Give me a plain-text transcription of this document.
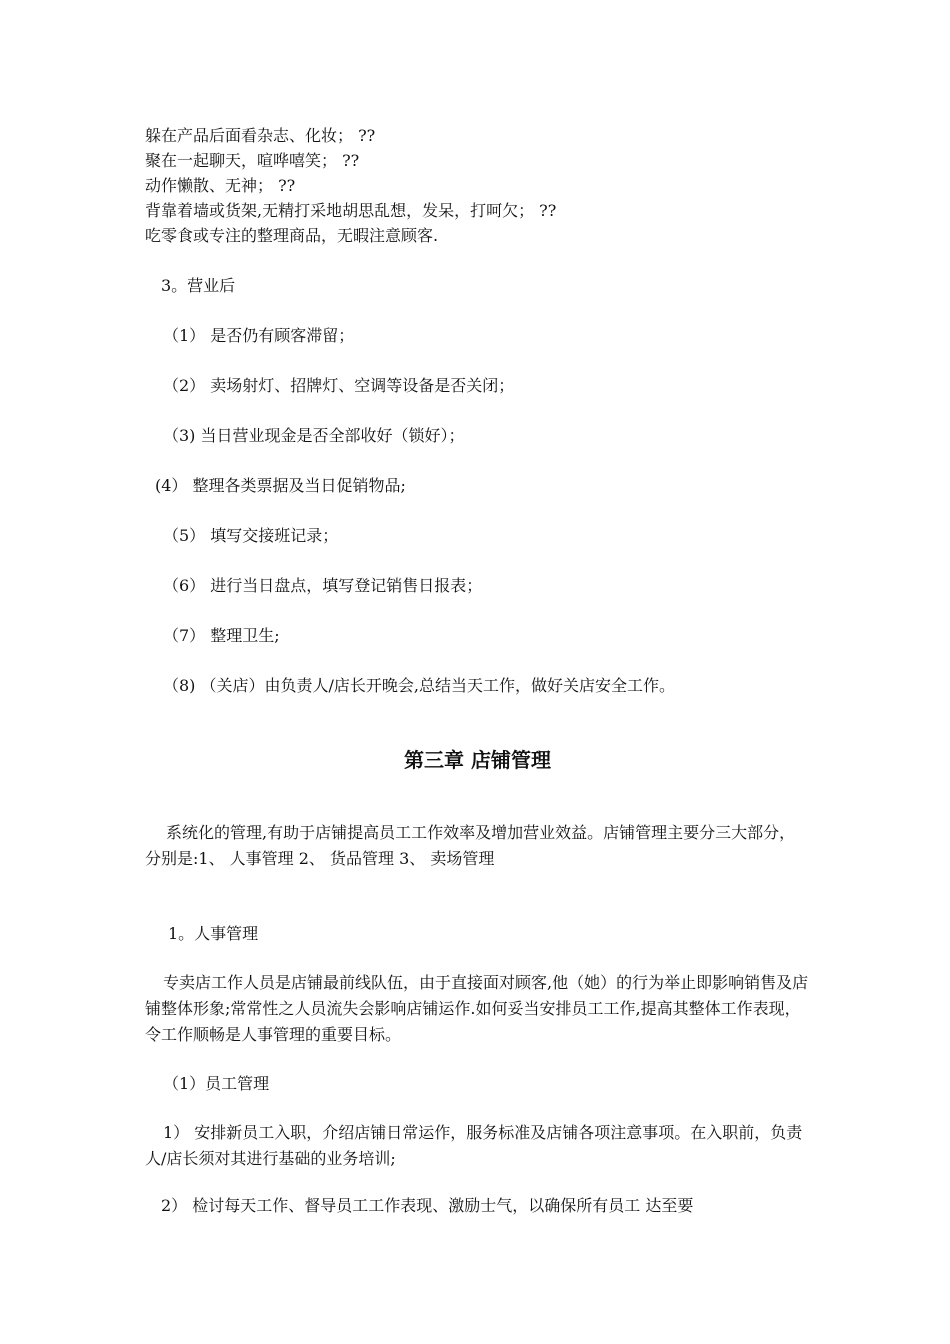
躲在产品后面看杂志、化妆； ??
聚在一起聊天，喧哗嘻笑； ??
动作懒散、无神； ??
背靠着墙或货架,无精打采地胡思乱想，发呆，打呵欠； ??
吃零食或专注的整理商品，无暇注意顾客.
3。营业后
（1） 是否仍有顾客滞留；
（2） 卖场射灯、招牌灯、空调等设备是否关闭；
（3) 当日营业现金是否全部收好（锁好）；
(4） 整理各类票据及当日促销物品;
（5） 填写交接班记录；
（6） 进行当日盘点，填写登记销售日报表；
（7） 整理卫生;
（8) （关店）由负责人/店长开晚会,总结当天工作，做好关店安全工作。
第三章 店铺管理
系统化的管理,有助于店铺提高员工工作效率及增加营业效益。店铺管理主要分三大部分，分别是:1、 人事管理 2、 货品管理 3、 卖场管理
1。人事管理
专卖店工作人员是店铺最前线队伍，由于直接面对顾客,他（她）的行为举止即影响销售及店铺整体形象;常常性之人员流失会影响店铺运作.如何妥当安排员工工作,提高其整体工作表现，令工作顺畅是人事管理的重要目标。
（1）员工管理
1） 安排新员工入职，介绍店铺日常运作，服务标准及店铺各项注意事项。在入职前，负责人/店长须对其进行基础的业务培训;
2） 检讨每天工作、督导员工工作表现、激励士气，以确保所有员工 达至要
